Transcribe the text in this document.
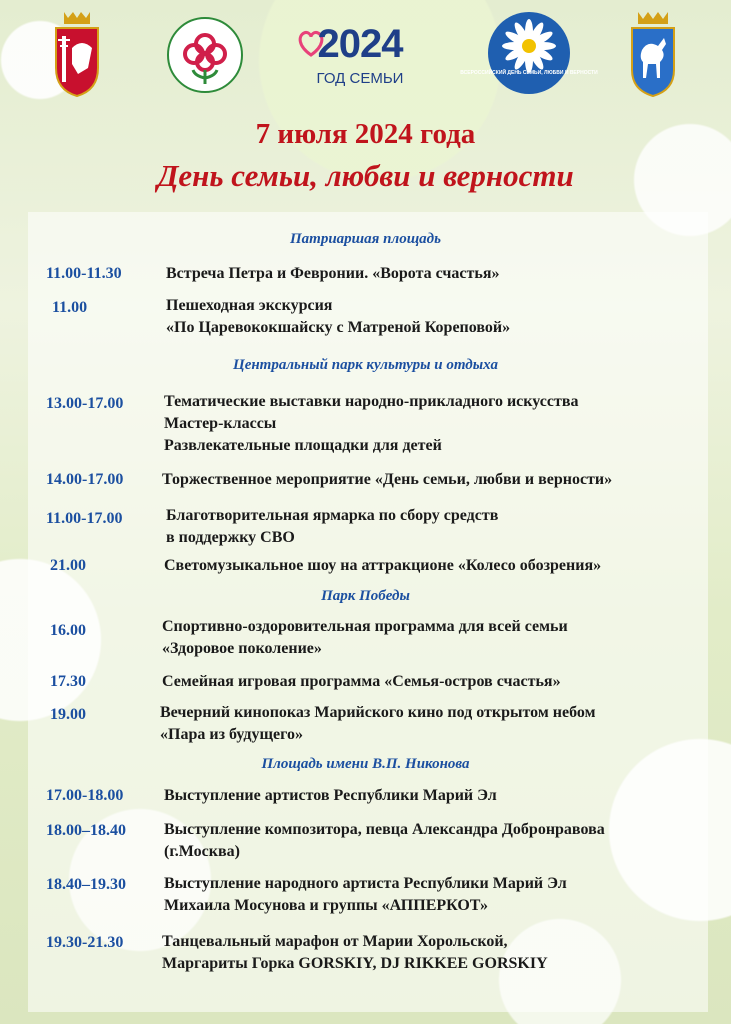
2024
ГОД СЕМЬИ	ВСЕРОССИЙСКИЙ ДЕНЬ СЕМЬИ, ЛЮБВИ И ВЕРНОСТИ
7 июля 2024 года
День семьи, любви и верности
Патриаршая площадь
11.00-11.30	Встреча Петра и Февронии. «Ворота счастья»
11.00	Пешеходная экскурсия
«По Царевококшайску с Матреной Кореповой»
Центральный парк культуры и отдыха
13.00-17.00	Тематические выставки народно-прикладного искусства
Мастер-классы
Развлекательные площадки для детей
14.00-17.00 Торжественное мероприятие «День семьи, любви и верности»
11.00-17.00	Благотворительная ярмарка по сбору средств
в поддержку СВО
21.00	Светомузыкальное шоу на аттракционе «Колесо обозрения»
Парк Победы
16.00	Спортивно-оздоровительная программа для всей семьи
«Здоровое поколение»
17.30	Семейная игровая программа «Семья-остров счастья»
19.00	Вечерний кинопоказ Марийского кино под открытом небом
«Пара из будущего»
Площадь имени В.П. Никонова
17.00-18.00	Выступление артистов Республики Марий Эл
18.00–18.40 Выступление композитора, певца Александра Добронравова
(г.Москва)
18.40–19.30 Выступление народного артиста Республики Марий Эл
Михаила Мосунова и группы «АППЕРКОТ»
19.30-21.30 Танцевальный марафон от Марии Хорольской,
Маргариты Горка GORSKIY, DJ RIKKEE GORSKIY
